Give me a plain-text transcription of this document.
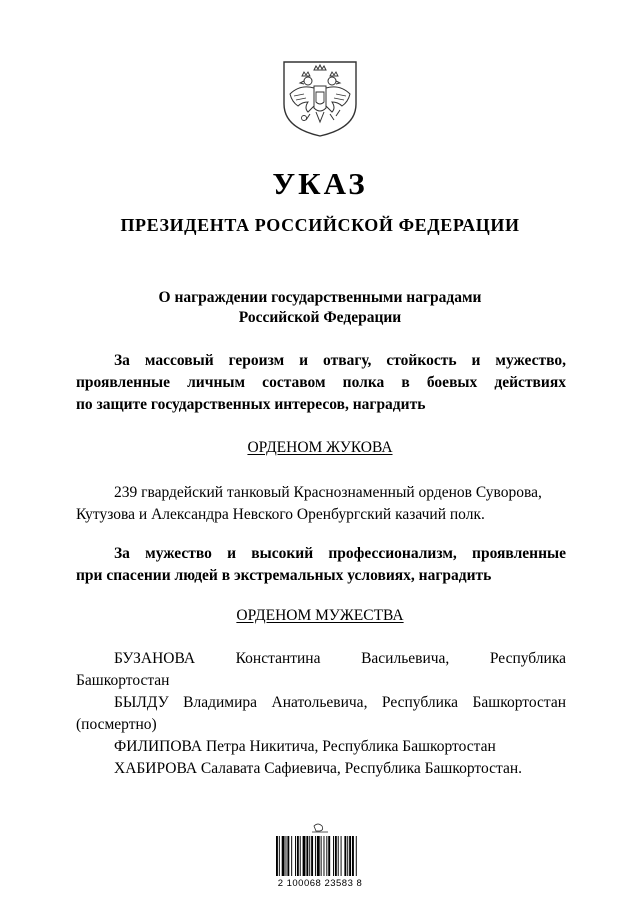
УКАЗ
ПРЕЗИДЕНТА РОССИЙСКОЙ ФЕДЕРАЦИИ
О награждении государственными наградами
Российской Федерации
За массовый героизм и отвагу, стойкость и мужество,
проявленные личным составом полка в боевых действиях
по защите государственных интересов, наградить
ОРДЕНОМ ЖУКОВА
239 гвардейский танковый Краснознаменный орденов Суворова,
Кутузова и Александра Невского Оренбургский казачий полк.
За мужество и высокий профессионализм, проявленные
при спасении людей в экстремальных условиях, наградить
ОРДЕНОМ МУЖЕСТВА
БУЗАНОВА Константина Васильевича, Республика
Башкортостан
БЫЛДУ Владимира Анатольевича, Республика Башкортостан
(посмертно)
ФИЛИПОВА Петра Никитича, Республика Башкортостан
ХАБИРОВА Салавата Сафиевича, Республика Башкортостан.
2 100068 23583 8
